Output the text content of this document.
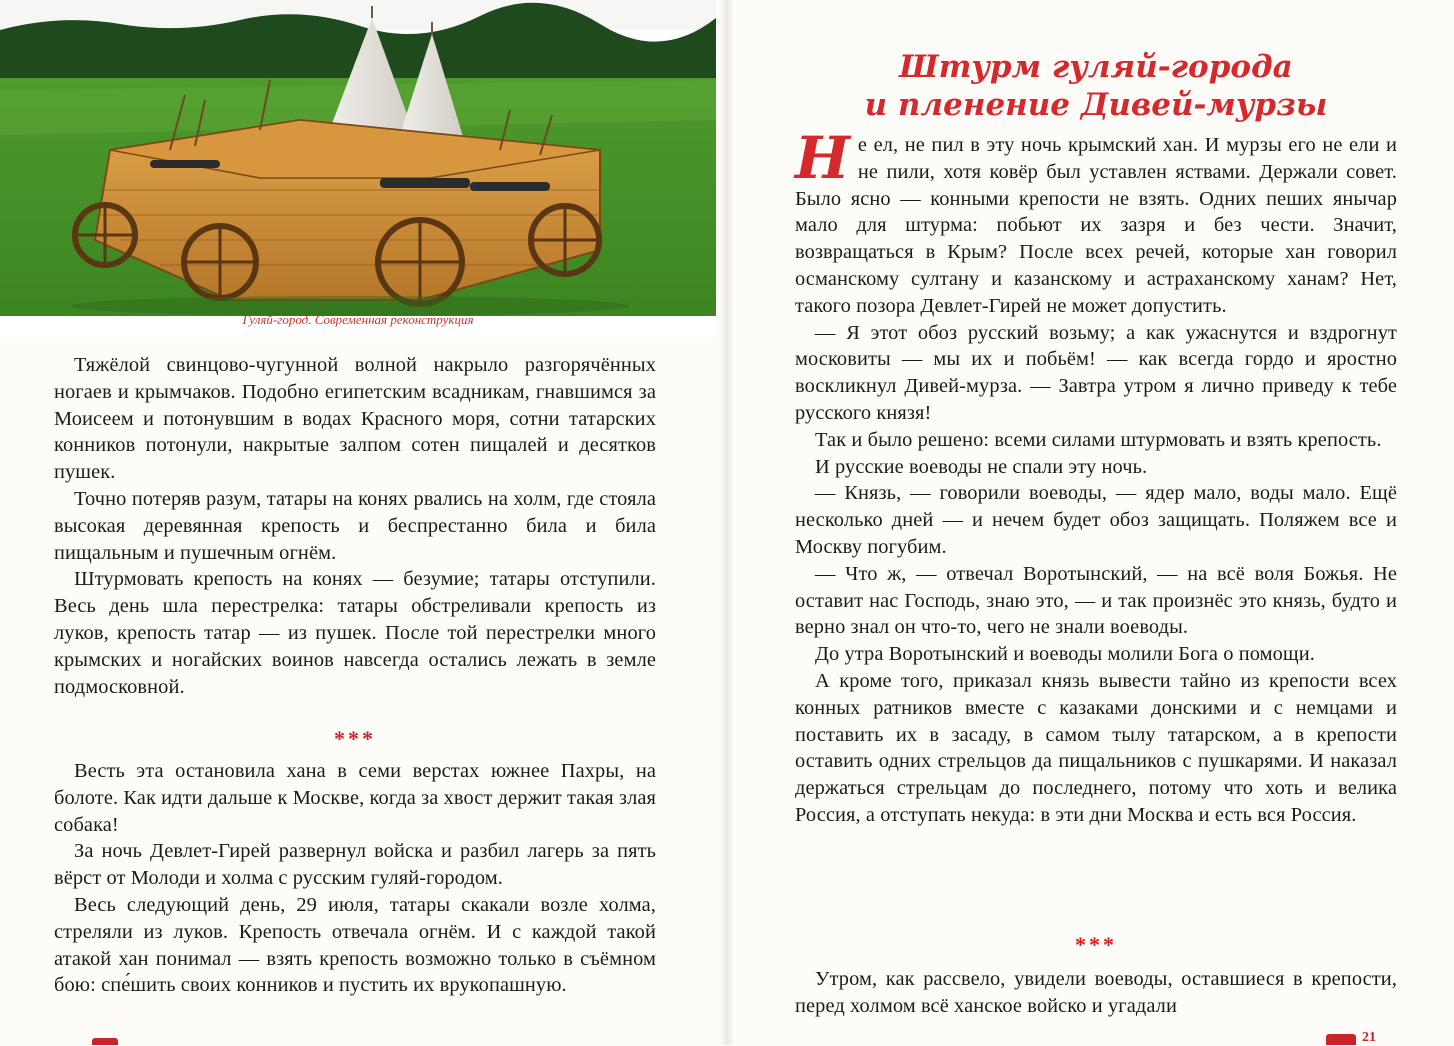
Гуляй-город. Современная реконструкция

Тяжёлой свинцово-чугунной волной накрыло разгорячённых ногаев и крымчаков. Подобно египетским всадникам, гнавшимся за Моисеем и потонувшим в водах Красного моря, сотни татарских конников потонули, накрытые залпом сотен пищалей и десятков пушек.

Точно потеряв разум, татары на конях рвались на холм, где стояла высокая деревянная крепость и беспрестанно била и била пищальным и пушечным огнём.

Штурмовать крепость на конях — безумие; татары отступили. Весь день шла перестрелка: татары обстреливали крепость из луков, крепость татар — из пушек. После той перестрелки много крымских и ногайских воинов навсегда остались лежать в земле подмосковной.

***

Весть эта остановила хана в семи верстах южнее Пахры, на болоте. Как идти дальше к Москве, когда за хвост держит такая злая собака!

За ночь Девлет-Гирей развернул войска и разбил лагерь за пять вёрст от Молоди и холма с русским гуляй-городом.

Весь следующий день, 29 июля, татары скакали возле холма, стреляли из луков. Крепость отвечала огнём. И с каждой такой атакой хан понимал — взять крепость возможно только в съёмном бою: спе́шить своих конников и пустить их врукопашную.

Штурм гуляй-города
и пленение Дивей-мурзы

Не ел, не пил в эту ночь крымский хан. И мурзы его не ели и не пили, хотя ковёр был уставлен яствами. Держали совет. Было ясно — конными крепости не взять. Одних пеших янычар мало для штурма: побьют их зазря и без чести. Значит, возвращаться в Крым? После всех речей, которые хан говорил османскому султану и казанскому и астраханскому ханам? Нет, такого позора Девлет-Гирей не может допустить.

— Я этот обоз русский возьму; а как ужаснутся и вздрогнут московиты — мы их и побьём! — как всегда гордо и яростно воскликнул Дивей-мурза. — Завтра утром я лично приведу к тебе русского князя!

Так и было решено: всеми силами штурмовать и взять крепость.

И русские воеводы не спали эту ночь.

— Князь, — говорили воеводы, — ядер мало, воды мало. Ещё несколько дней — и нечем будет обоз защищать. Поляжем все и Москву погубим.

— Что ж, — отвечал Воротынский, — на всё воля Божья. Не оставит нас Господь, знаю это, — и так произнёс это князь, будто и верно знал он что-то, чего не знали воеводы.

До утра Воротынский и воеводы молили Бога о помощи.

А кроме того, приказал князь вывести тайно из крепости всех конных ратников вместе с казаками донскими и с немцами и поставить их в засаду, в самом тылу татарском, а в крепости оставить одних стрельцов да пищальников с пушкарями. И наказал держаться стрельцам до последнего, потому что хоть и велика Россия, а отступать некуда: в эти дни Москва и есть вся Россия.

***

Утром, как рассвело, увидели воеводы, оставшиеся в крепости, перед холмом всё ханское войско и угадали

21
